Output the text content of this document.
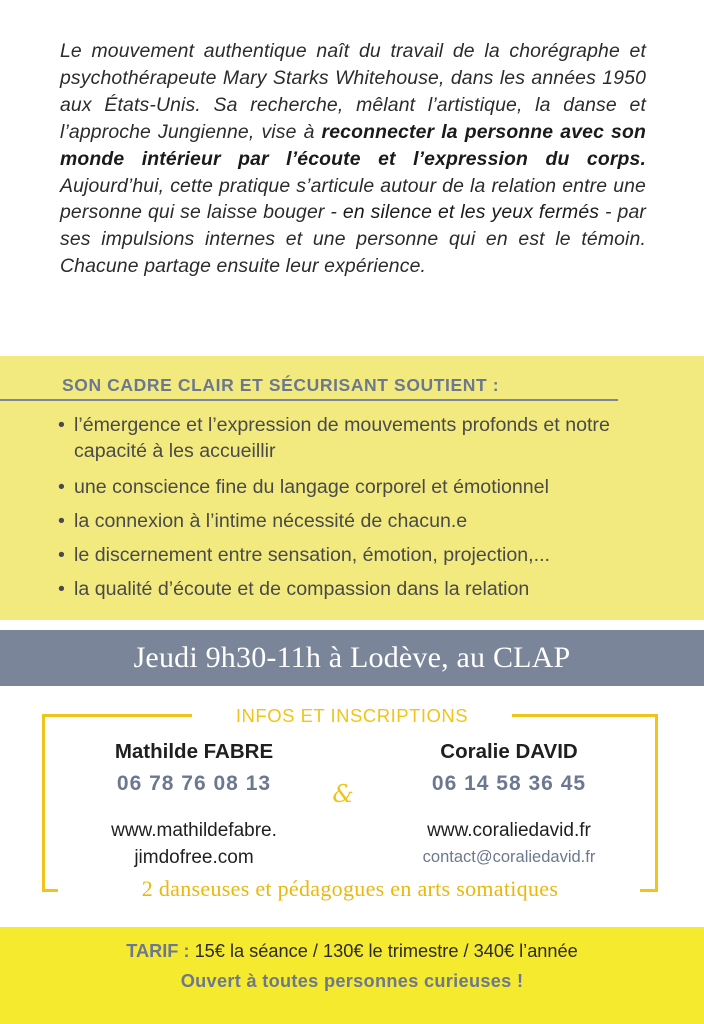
Le mouvement authentique naît du travail de la chorégraphe et psychothérapeute Mary Starks Whitehouse, dans les années 1950 aux États-Unis. Sa recherche, mêlant l’artistique, la danse et l’approche Jungienne, vise à reconnecter la personne avec son monde intérieur par l’écoute et l’expression du corps. Aujourd’hui, cette pratique s’articule autour de la relation entre une personne qui se laisse bouger - en silence et les yeux fermés - par ses impulsions internes et une personne qui en est le témoin. Chacune partage ensuite leur expérience.

SON CADRE CLAIR ET SÉCURISANT SOUTIENT :
• l’émergence et l’expression de mouvements profonds et notre capacité à les accueillir
• une conscience fine du langage corporel et émotionnel
• la connexion à l’intime nécessité de chacun.e
• le discernement entre sensation, émotion, projection,...
• la qualité d’écoute et de compassion dans la relation
Jeudi 9h30-11h à Lodève, au CLAP
INFOS ET INSCRIPTIONS
Mathilde FABRE
06 78 76 08 13
www.mathildefabre.
jimdofree.com
&
Coralie DAVID
06 14 58 36 45
www.coraliedavid.fr
contact@coraliedavid.fr
2 danseuses et pédagogues en arts somatiques
TARIF : 15€ la séance / 130€ le trimestre / 340€ l’année
Ouvert à toutes personnes curieuses !
